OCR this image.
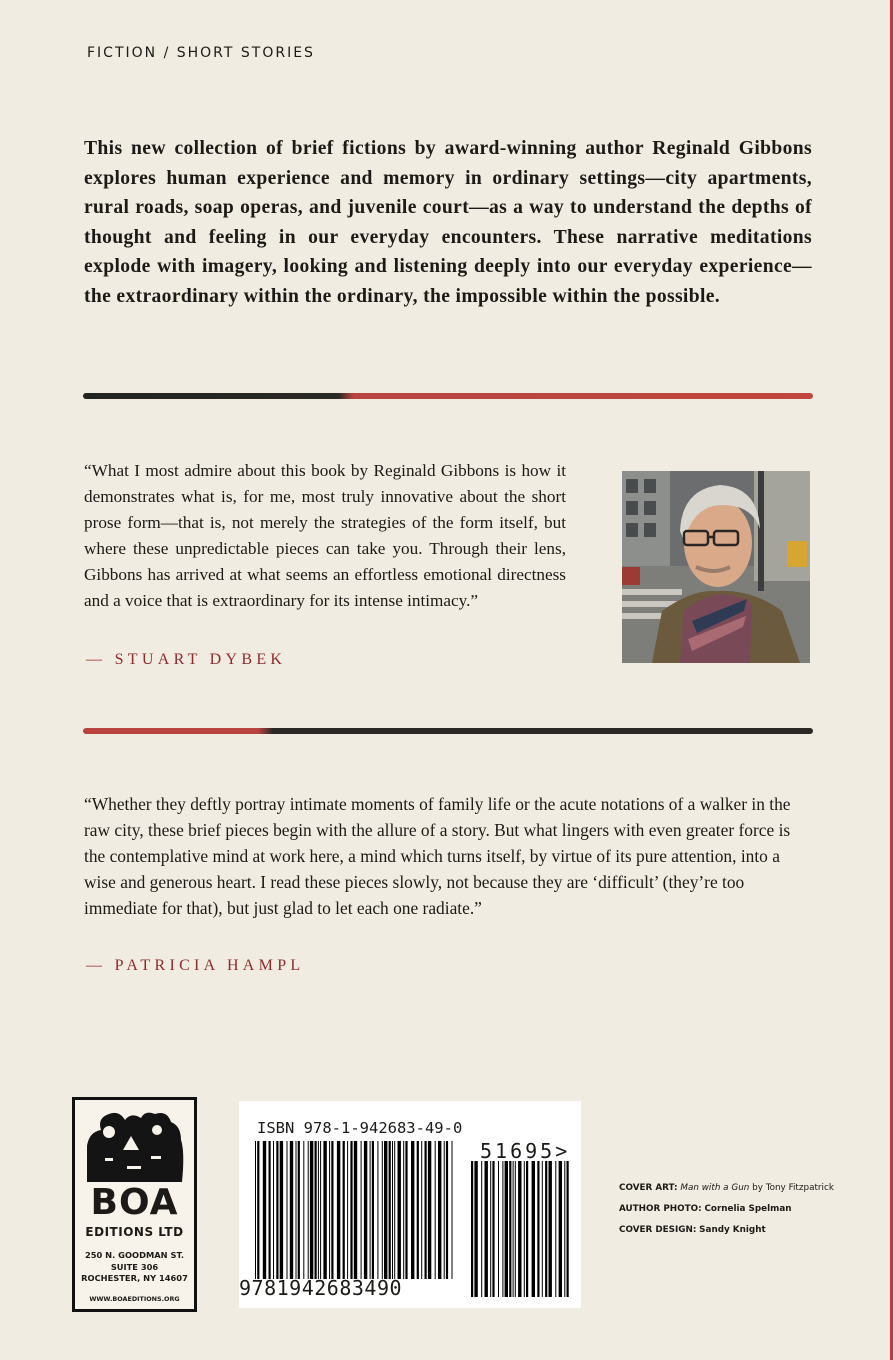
FICTION / SHORT STORIES

This new collection of brief fictions by award-winning author Reginald Gibbons explores human experience and memory in ordinary settings—city apartments, rural roads, soap operas, and juvenile court—as a way to understand the depths of thought and feeling in our everyday encounters. These narrative meditations explode with imagery, looking and listening deeply into our everyday experience—the extraordinary within the ordinary, the impossible within the possible.

“What I most admire about this book by Reginald Gibbons is how it demonstrates what is, for me, most truly innovative about the short prose form—that is, not merely the strategies of the form itself, but where these unpredictable pieces can take you. Through their lens, Gibbons has arrived at what seems an effortless emotional directness and a voice that is extraordinary for its intense intimacy.”

— STUART DYBEK

“Whether they deftly portray intimate moments of family life or the acute notations of a walker in the raw city, these brief pieces begin with the allure of a story. But what lingers with even greater force is the contemplative mind at work here, a mind which turns itself, by virtue of its pure attention, into a wise and generous heart. I read these pieces slowly, not because they are ‘difficult’ (they’re too immediate for that), but just glad to let each one radiate.”

— PATRICIA HAMPL
BOA
EDITIONS LTD
250 N. GOODMAN ST.
SUITE 306
ROCHESTER, NY 14607
WWW.BOAEDITIONS.ORG
ISBN 978-1-942683-49-0
51695>
9781942683490
COVER ART: Man with a Gun by Tony Fitzpatrick
AUTHOR PHOTO: Cornelia Spelman
COVER DESIGN: Sandy Knight
